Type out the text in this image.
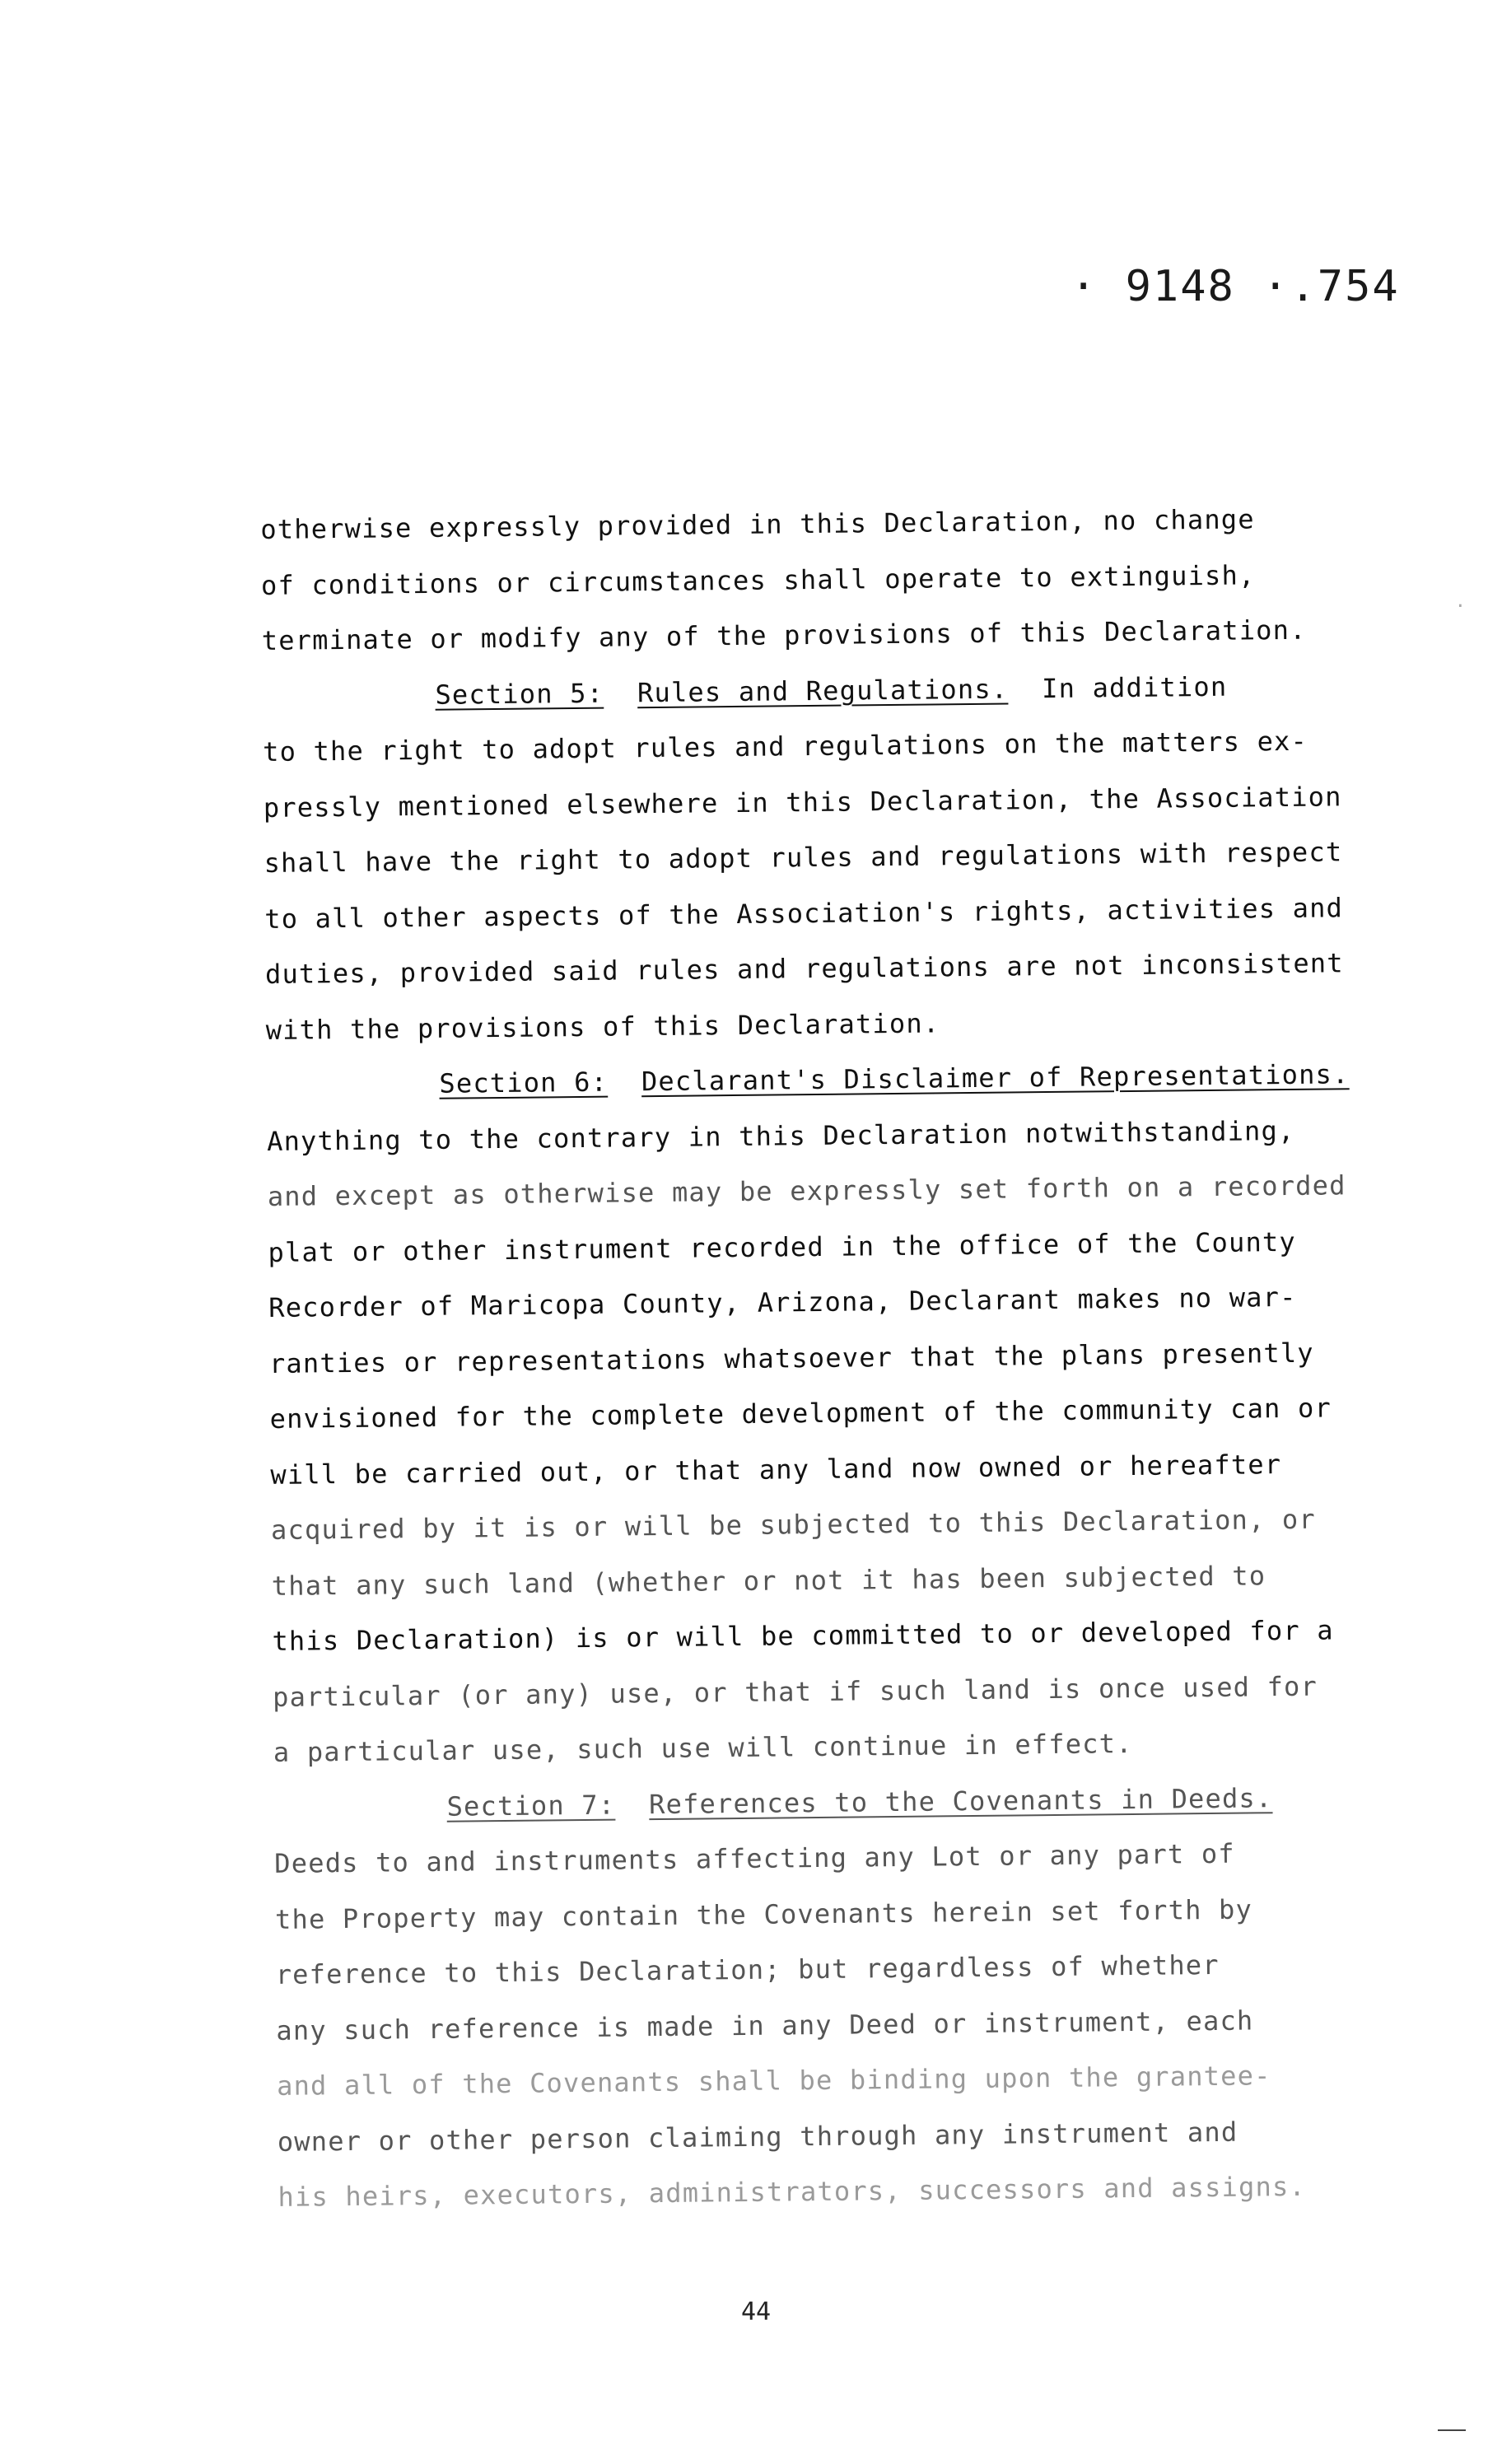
· 9148 ·.754
·
otherwise expressly provided in this Declaration, no change
of conditions or circumstances shall operate to extinguish,
terminate or modify any of the provisions of this Declaration.
Section 5: Rules and Regulations.  In addition
to the right to adopt rules and regulations on the matters ex-
pressly mentioned elsewhere in this Declaration, the Association
shall have the right to adopt rules and regulations with respect
to all other aspects of the Association's rights, activities and
duties, provided said rules and regulations are not inconsistent
with the provisions of this Declaration.
Section 6: Declarant's Disclaimer of Representations.
Anything to the contrary in this Declaration notwithstanding,
and except as otherwise may be expressly set forth on a recorded
plat or other instrument recorded in the office of the County
Recorder of Maricopa County, Arizona, Declarant makes no war-
ranties or representations whatsoever that the plans presently
envisioned for the complete development of the community can or
will be carried out, or that any land now owned or hereafter
acquired by it is or will be subjected to this Declaration, or
that any such land (whether or not it has been subjected to
this Declaration) is or will be committed to or developed for a
particular (or any) use, or that if such land is once used for
a particular use, such use will continue in effect.
Section 7: References to the Covenants in Deeds.
Deeds to and instruments affecting any Lot or any part of
the Property may contain the Covenants herein set forth by
reference to this Declaration; but regardless of whether
any such reference is made in any Deed or instrument, each
and all of the Covenants shall be binding upon the grantee-
owner or other person claiming through any instrument and
his heirs, executors, administrators, successors and assigns.
44
